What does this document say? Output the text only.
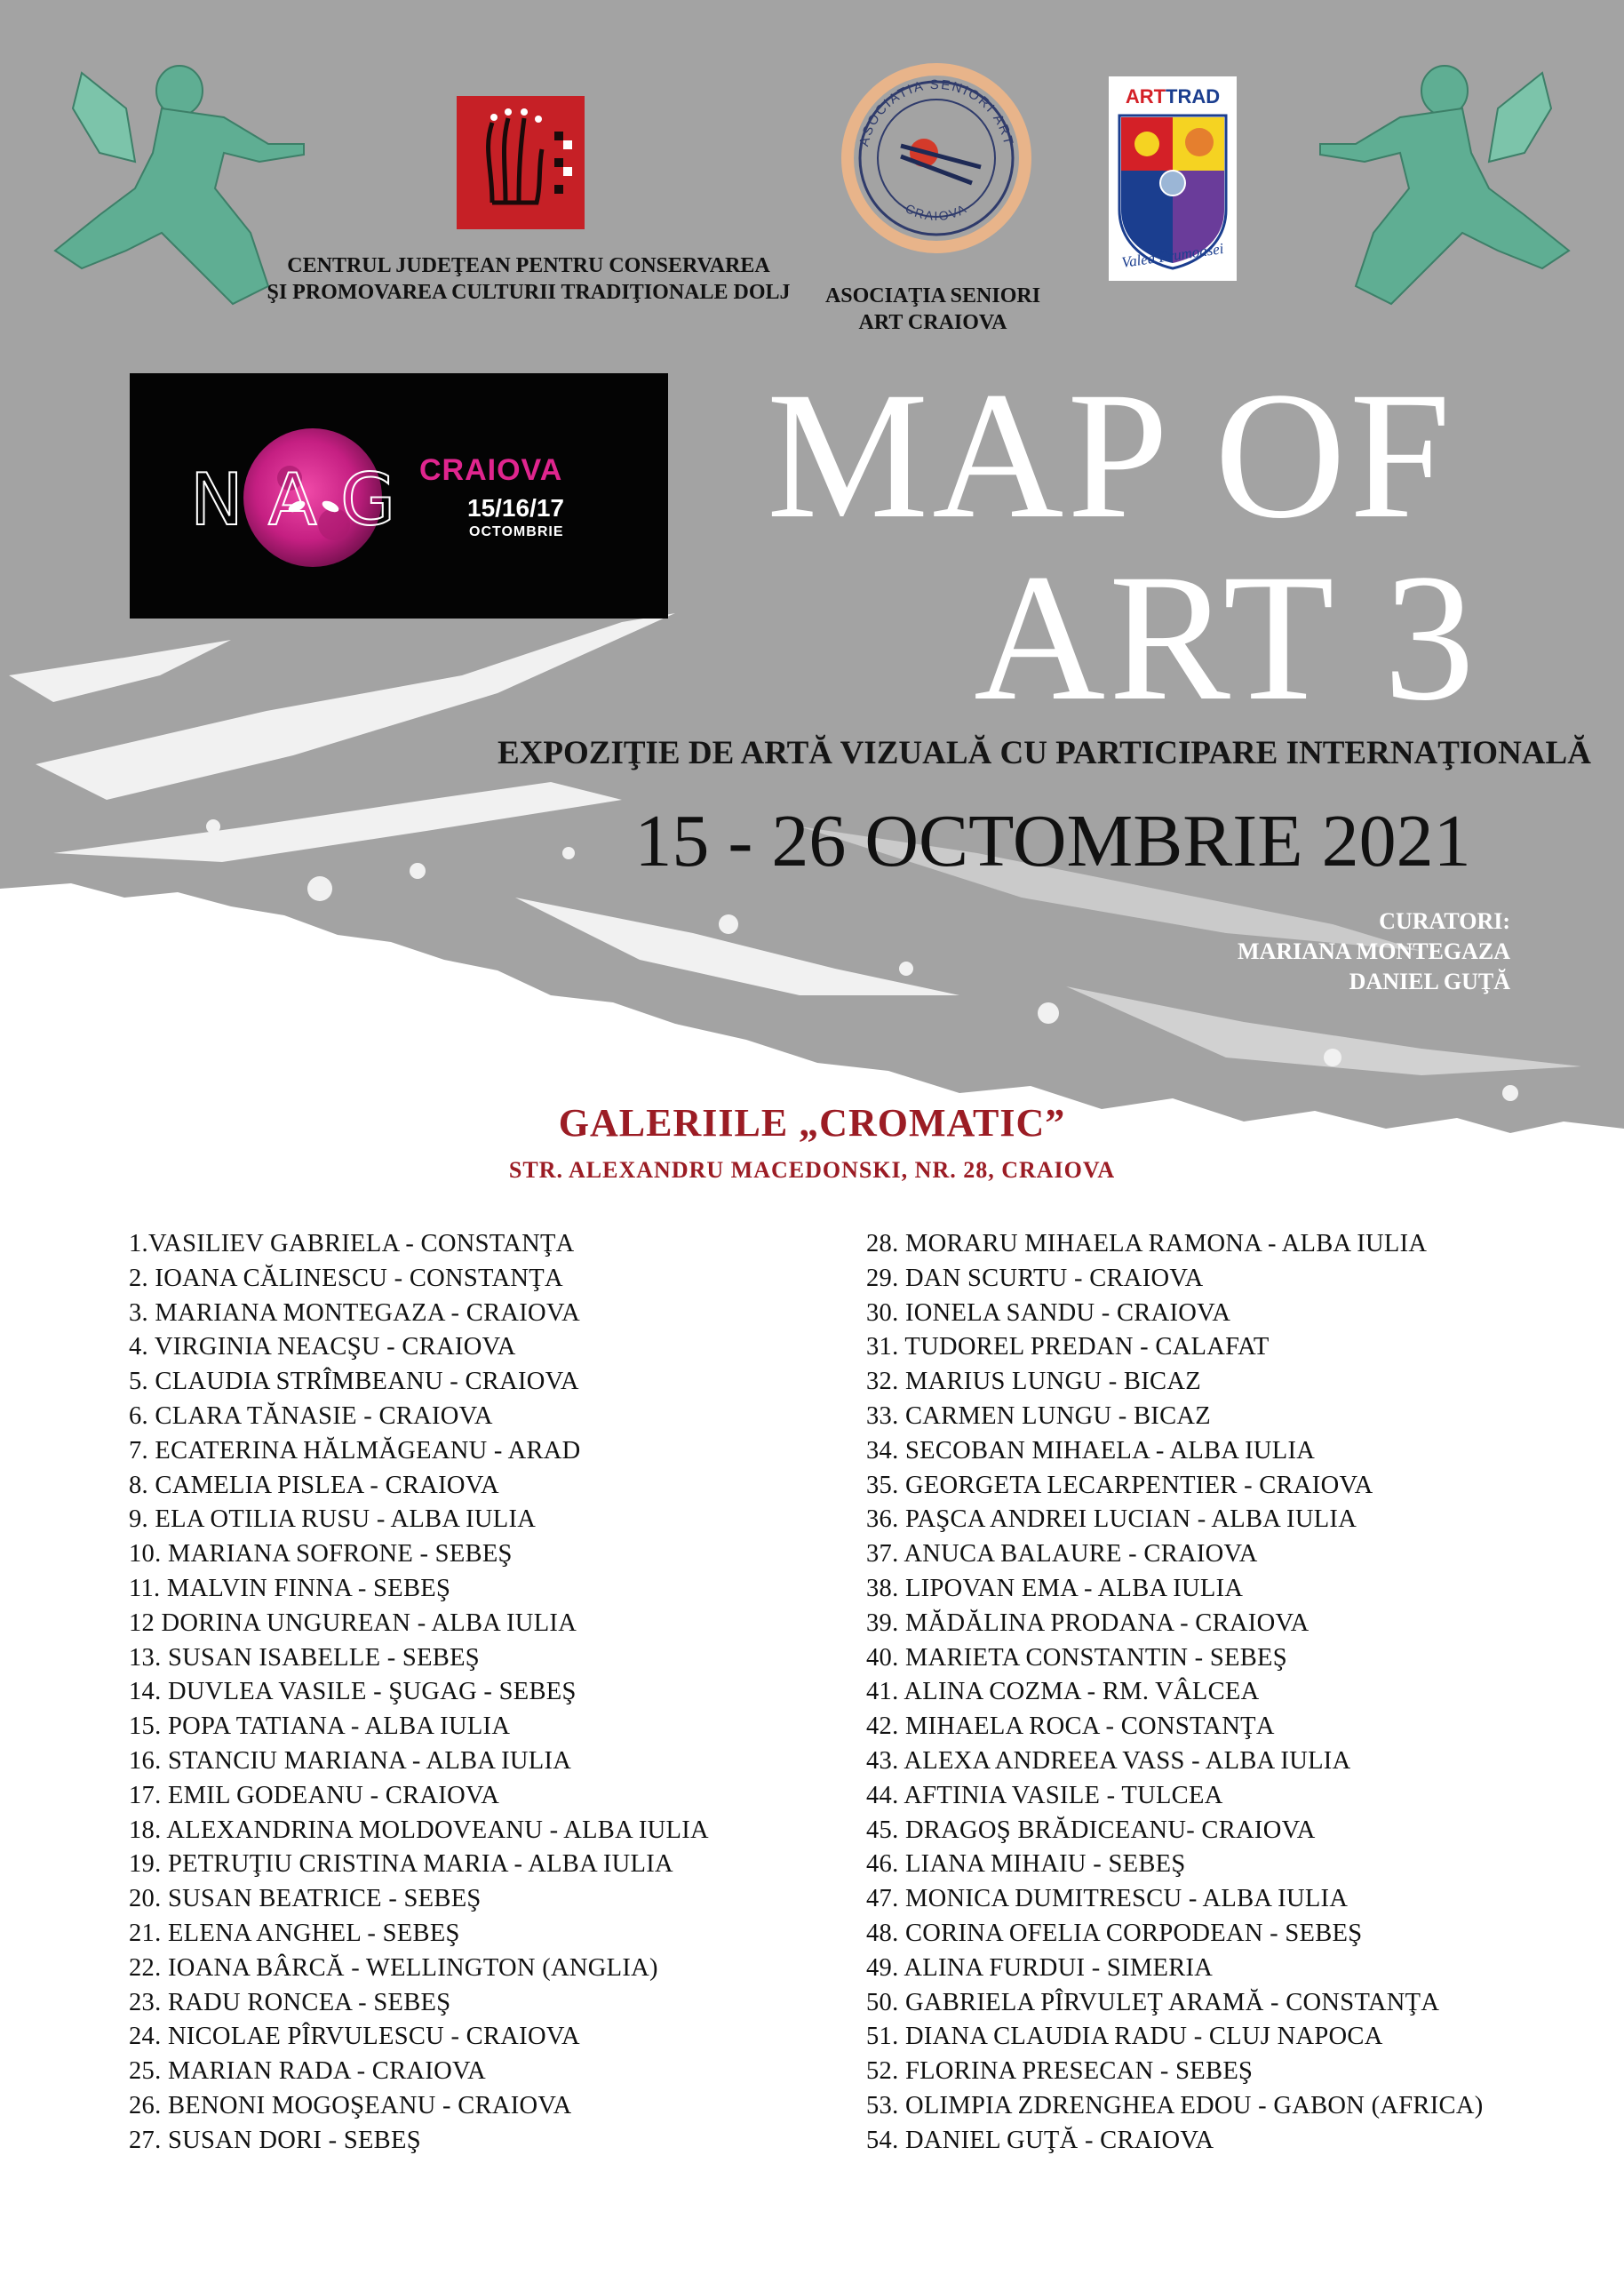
CENTRUL JUDEŢEAN PENTRU CONSERVAREA
ŞI PROMOVAREA CULTURII TRADIŢIONALE DOLJ
ASOCIATIA SENIORI ART
CRAIOVA
ASOCIAŢIA SENIORI
ART CRAIOVA
ARTTRAD
Valea Frumoasei
NAG
CRAIOVA
15/16/17
OCTOMBRIE	MAP OF
ART 3
EXPOZIŢIE DE ARTĂ VIZUALĂ CU PARTICIPARE INTERNAŢIONALĂ
15 - 26 OCTOMBRIE 2021
CURATORI:
MARIANA MONTEGAZA
DANIEL GUŢĂ
GALERIILE „CROMATIC”
STR. ALEXANDRU MACEDONSKI, NR. 28, CRAIOVA
1.VASILIEV GABRIELA - CONSTANŢA
2. IOANA CĂLINESCU - CONSTANŢA
3. MARIANA MONTEGAZA - CRAIOVA
4. VIRGINIA NEACŞU - CRAIOVA
5. CLAUDIA STRÎMBEANU - CRAIOVA
6. CLARA TĂNASIE - CRAIOVA
7. ECATERINA HĂLMĂGEANU - ARAD
8. CAMELIA PISLEA - CRAIOVA
9. ELA OTILIA RUSU - ALBA IULIA
10. MARIANA SOFRONE - SEBEŞ
11. MALVIN FINNA - SEBEŞ
12 DORINA UNGUREAN - ALBA IULIA
13. SUSAN ISABELLE - SEBEŞ
14. DUVLEA VASILE - ŞUGAG - SEBEŞ
15. POPA TATIANA - ALBA IULIA
16. STANCIU MARIANA - ALBA IULIA
17. EMIL GODEANU - CRAIOVA
18. ALEXANDRINA MOLDOVEANU - ALBA IULIA
19. PETRUŢIU CRISTINA MARIA - ALBA IULIA
20. SUSAN BEATRICE - SEBEŞ
21. ELENA ANGHEL - SEBEŞ
22. IOANA BÂRCĂ - WELLINGTON (ANGLIA)
23. RADU RONCEA - SEBEŞ
24. NICOLAE PÎRVULESCU - CRAIOVA
25. MARIAN RADA - CRAIOVA
26. BENONI MOGOŞEANU - CRAIOVA
27. SUSAN DORI - SEBEŞ
28. MORARU MIHAELA RAMONA - ALBA IULIA
29. DAN SCURTU - CRAIOVA
30. IONELA SANDU - CRAIOVA
31. TUDOREL PREDAN - CALAFAT
32. MARIUS LUNGU - BICAZ
33. CARMEN LUNGU - BICAZ
34. SECOBAN MIHAELA - ALBA IULIA
35. GEORGETA LECARPENTIER - CRAIOVA
36. PAŞCA ANDREI LUCIAN - ALBA IULIA
37. ANUCA BALAURE - CRAIOVA
38. LIPOVAN EMA - ALBA IULIA
39. MĂDĂLINA PRODANA - CRAIOVA
40. MARIETA CONSTANTIN - SEBEŞ
41. ALINA COZMA - RM. VÂLCEA
42. MIHAELA ROCA - CONSTANŢA
43. ALEXA ANDREEA VASS - ALBA IULIA
44. AFTINIA VASILE - TULCEA
45. DRAGOŞ BRĂDICEANU- CRAIOVA
46. LIANA MIHAIU - SEBEŞ
47. MONICA DUMITRESCU - ALBA IULIA
48. CORINA OFELIA CORPODEAN - SEBEŞ
49. ALINA FURDUI - SIMERIA
50. GABRIELA PÎRVULEŢ ARAMĂ - CONSTANŢA
51. DIANA CLAUDIA RADU - CLUJ NAPOCA
52. FLORINA PRESECAN - SEBEŞ
53. OLIMPIA ZDRENGHEA EDOU - GABON (AFRICA)
54. DANIEL GUŢĂ - CRAIOVA
